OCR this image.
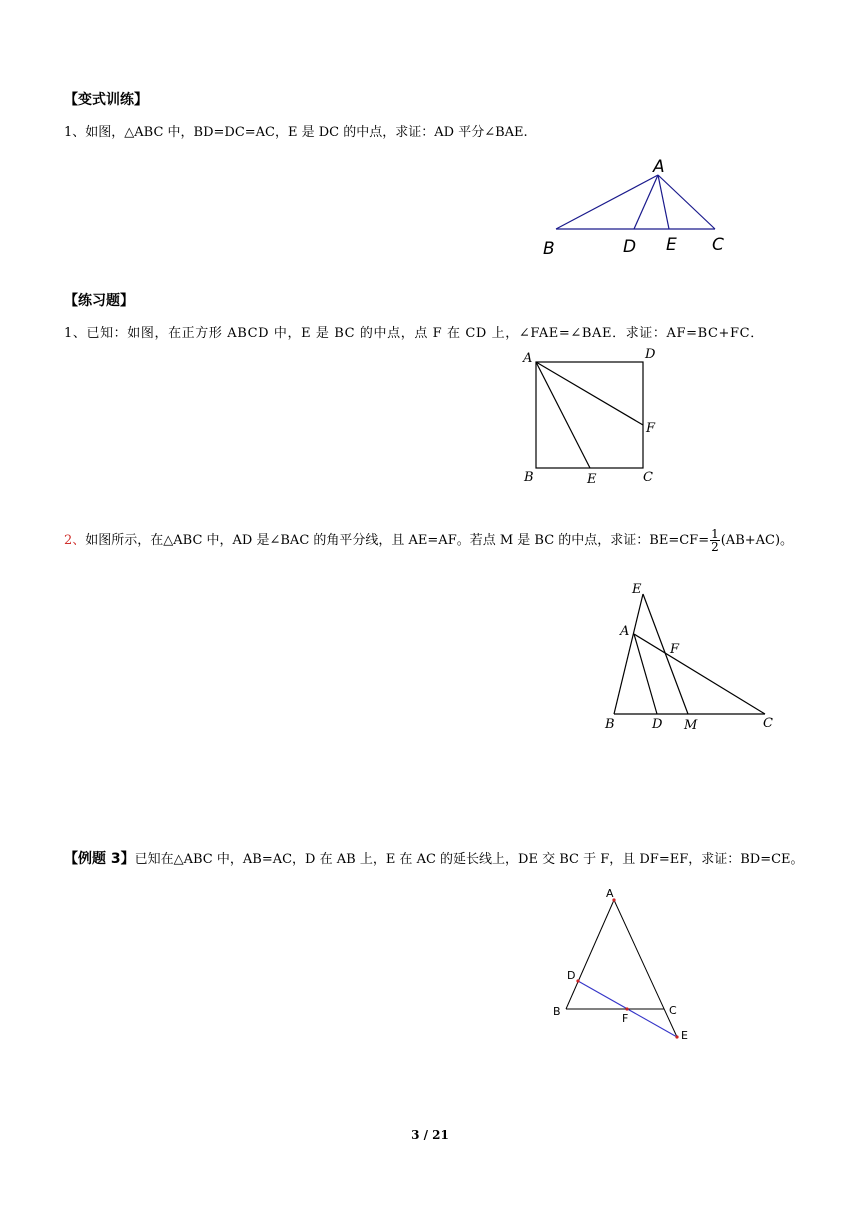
【变式训练】
1、如图，△ABC 中，BD=DC=AC，E 是 DC 的中点，求证：AD 平分∠BAE.
A
B	D E C
【练习题】
1、已知：如图，在正方形 ABCD 中，E 是 BC 的中点，点 F 在 CD 上，∠FAE=∠BAE．求证：AF=BC+FC．
A	D
F
B	E	C
2、如图所示，在△ABC 中，AD 是∠BAC 的角平分线，且 AE=AF。若点 M 是 BC 的中点，求证：$BE=CF= \frac{1}{2} (AB+AC)$。
E
A
F
B	D M	C
【例题 3】已知在△ABC 中，AB=AC，D 在 AB 上，E 在 AC 的延长线上，DE 交 BC 于 F，且 DF=EF，求证：BD=CE。
A
D
B	C
F
E
3 / 21
